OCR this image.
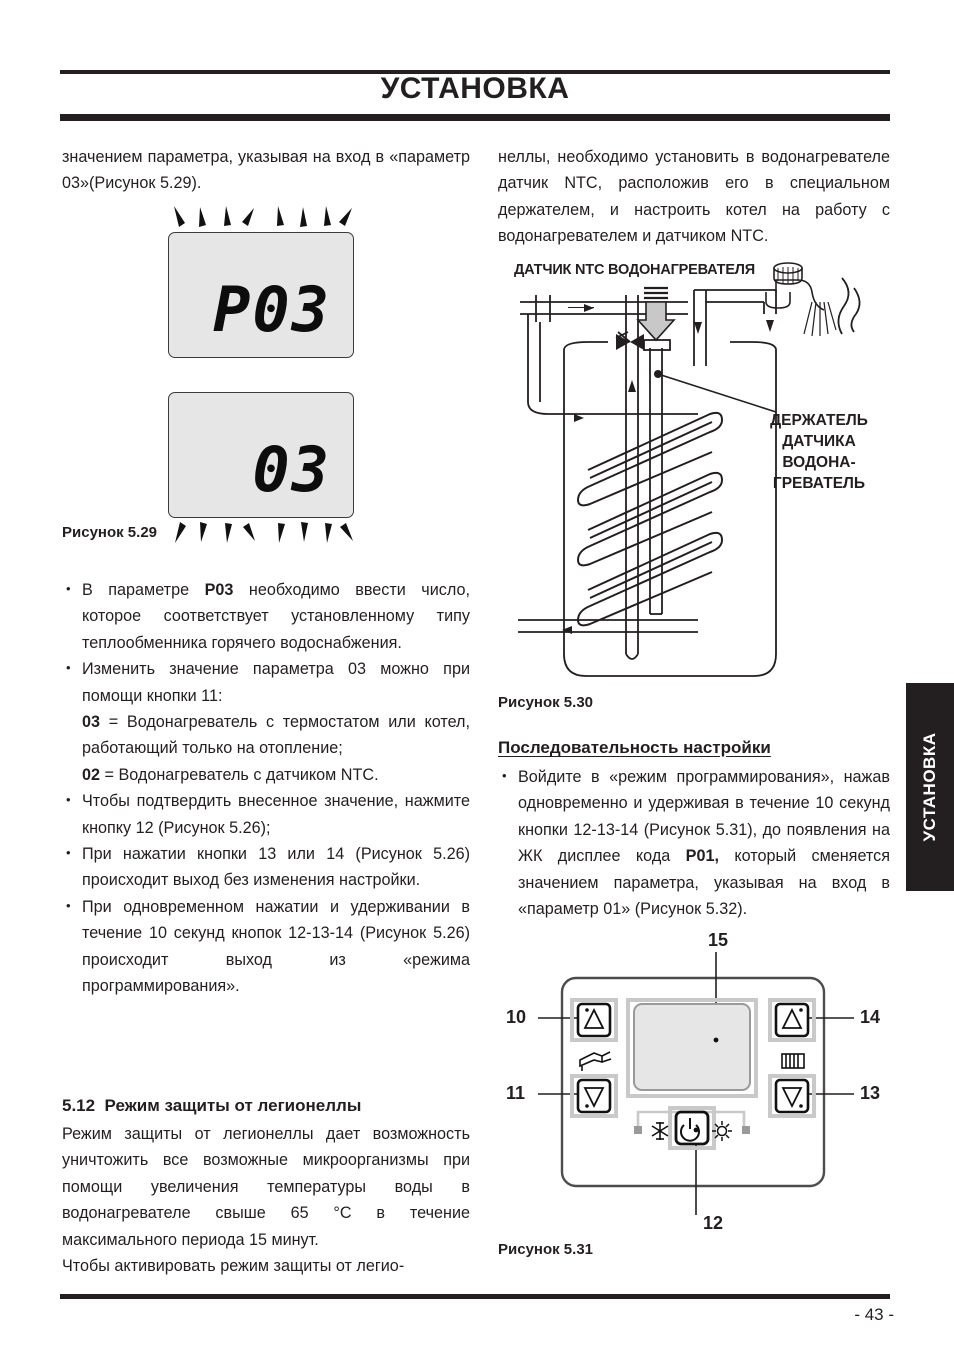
УСТАНОВКА

значением параметра, указывая на вход в «параметр 03»(Рисунок 5.29).

P03
03
Рисунок 5.29
• В параметре P03 необходимо ввести число, которое соответствует установленному типу теплообменника горячего водоснабжения.
• Изменить значение параметра 03 можно при помощи кнопки 11:
03 = Водонагреватель с термостатом или котел, работающий только на отопление;
02 = Водонагреватель с датчиком NTC.
• Чтобы подтвердить внесенное значение, нажмите кнопку 12 (Рисунок 5.26);
• При нажатии кнопки 13 или 14 (Рисунок 5.26) происходит выход без изменения настройки.
• При одновременном нажатии и удерживании в течение 10 секунд кнопок 12-13-14 (Рисунок 5.26) происходит выход из «режима программирования».
5.12 Режим защиты от легионеллы

Режим защиты от легионеллы дает возможность уничтожить все возможные микроорганизмы при помощи увеличения температуры воды в водонагревателе свыше 65 °С в течение максимального периода 15 минут.

Чтобы активировать режим защиты от легио-

неллы, необходимо установить в водонагревателе датчик NTC, расположив его в специальном держателем, и настроить котел на работу с водонагревателем и датчиком NTC.

ДАТЧИК NTC ВОДОНАГРЕВАТЕЛЯ
ДЕРЖАТЕЛЬ ДАТЧИКА ВОДОНА-ГРЕВАТЕЛЬ
Рисунок 5.30
Последовательность настройки
• Войдите в «режим программирования», нажав одновременно и удерживая в течение 10 секунд кнопки 12-13-14 (Рисунок 5.31), до появления на ЖК дисплее кода P01, который сменяется значением параметра, указывая на вход в «параметр 01» (Рисунок 5.32).
15
10
11
14
13
12
Рисунок 5.31
УСТАНОВКА
- 43 -
